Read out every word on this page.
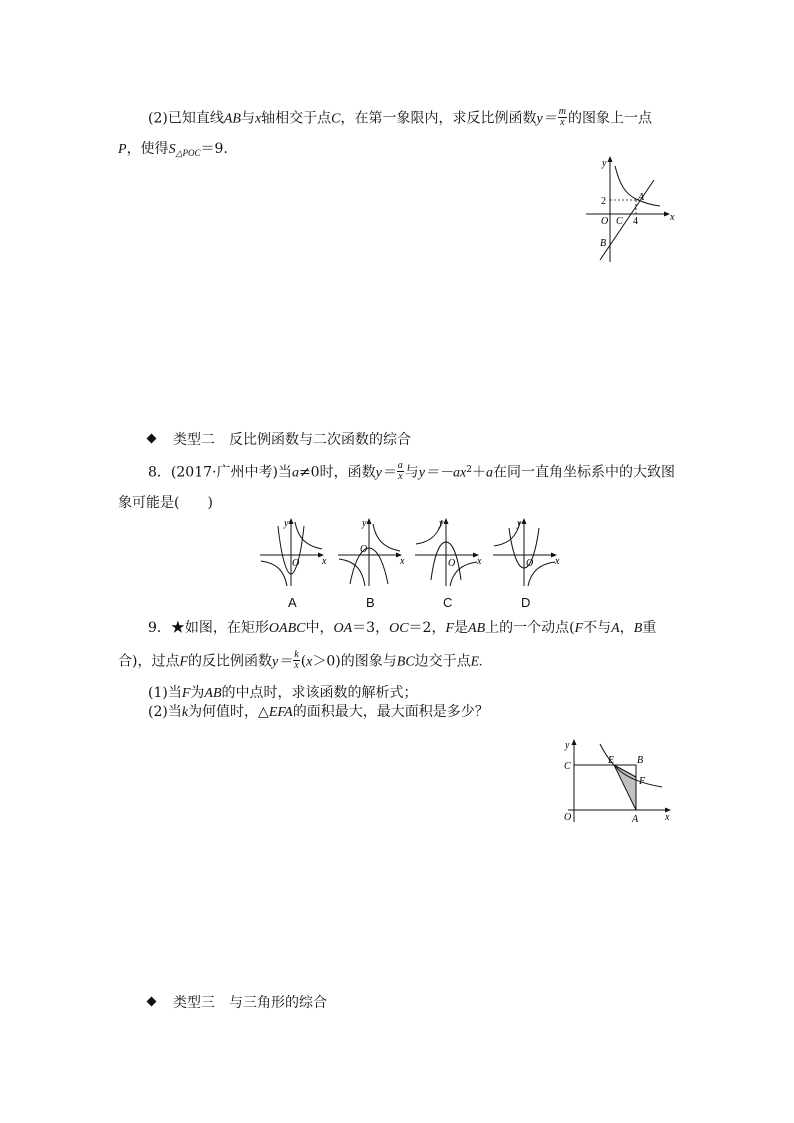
(2)已知直线AB与x轴相交于点C，在第一象限内，求反比例函数$y= \frac{m}{x}$ 的图象上一点
P，使得$S_{\triangle POC}=9$.
y
x
2
O C 4
A
B
类型二　反比例函数与二次函数的综合
8．(2017·广州中考)当a≠0时，函数$y= \frac{a}{x}$ 与$y=-ax^2+a$在同一直角坐标系中的大致图
象可能是(　　)
y
x
O
A
y
x
O
B
y
x
O
C
y
x
O
D
9．★如图，在矩形OABC中，OA＝3，OC＝2，F是AB上的一个动点(F不与A，B重
合)，过点F的反比例函数$y= \frac{k}{x} (x>0)$的图象与BC边交于点E.
(1)当F为AB的中点时，求该函数的解析式；
(2)当k为何值时，△EFA的面积最大，最大面积是多少？
y
x
C
E B
F
O	A
类型三　与三角形的综合
